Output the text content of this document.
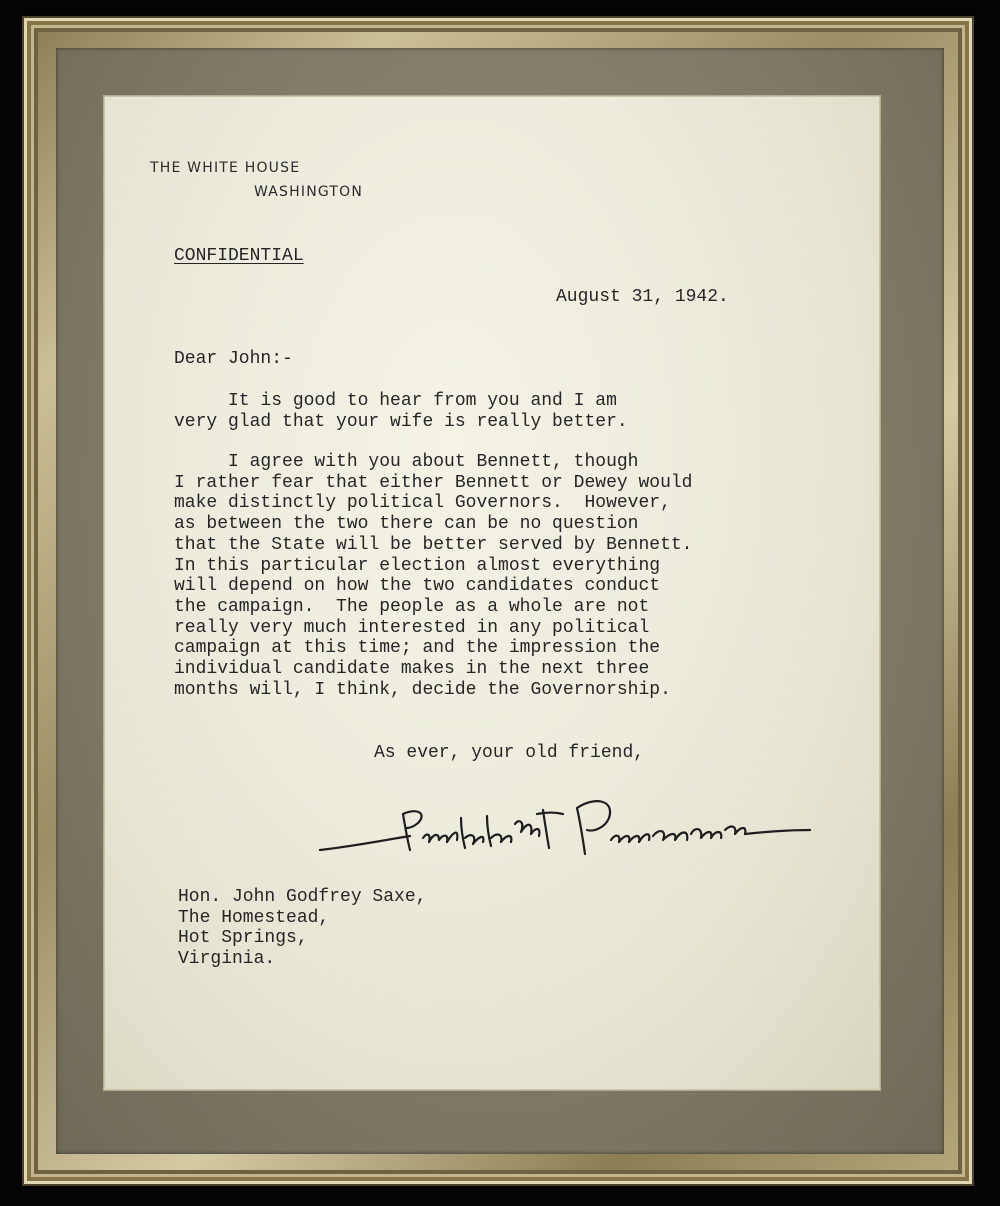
THE WHITE HOUSE
WASHINGTON
CONFIDENTIAL
August 31, 1942.
Dear John:-
It is good to hear from you and I am
very glad that your wife is really better.
I agree with you about Bennett, though
I rather fear that either Bennett or Dewey would
make distinctly political Governors.  However,
as between the two there can be no question
that the State will be better served by Bennett.
In this particular election almost everything
will depend on how the two candidates conduct
the campaign.  The people as a whole are not
really very much interested in any political
campaign at this time; and the impression the
individual candidate makes in the next three
months will, I think, decide the Governorship.
As ever, your old friend,
Hon. John Godfrey Saxe,
The Homestead,
Hot Springs,
Virginia.
